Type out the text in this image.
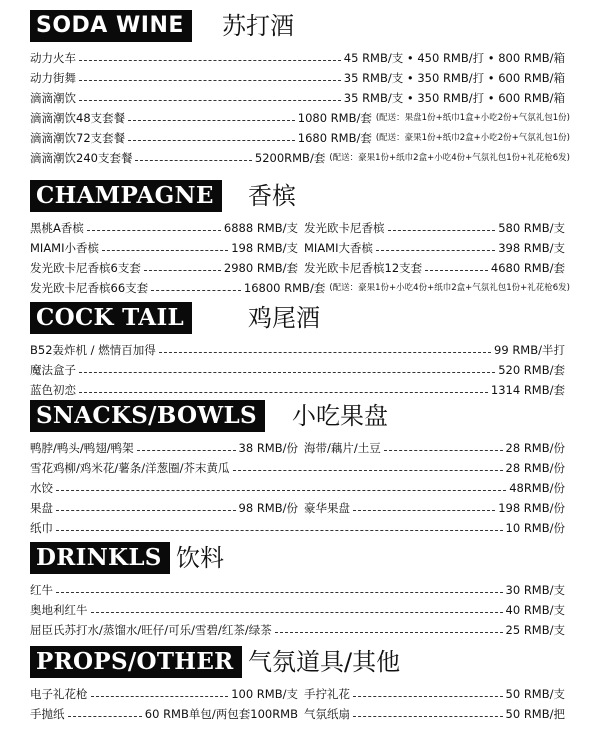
SODA WINE	苏打酒
动力火车	45 RMB/支 • 450 RMB/打 • 800 RMB/箱
动力街舞	35 RMB/支 • 350 RMB/打 • 600 RMB/箱
滴滴潮饮	35 RMB/支 • 350 RMB/打 • 600 RMB/箱
滴滴潮饮48支套餐	1080 RMB/套 (配送：果盘1份+纸巾1盒+小吃2份+气氛礼包1份)
滴滴潮饮72支套餐	1680 RMB/套 (配送：豪果1份+纸巾2盒+小吃2份+气氛礼包1份)
滴滴潮饮240支套餐	5200RMB/套 (配送：豪果1份+纸巾2盒+小吃4份+气氛礼包1份+礼花枪6发)
CHAMPAGNE	香槟
黑桃A香槟	6888 RMB/支 发光欧卡尼香槟	580 RMB/支
MIAMI小香槟	198 RMB/支 MIAMI大香槟	398 RMB/支
发光欧卡尼香槟6支套	2980 RMB/套 发光欧卡尼香槟12支套	4680 RMB/套
发光欧卡尼香槟66支套	16800 RMB/套 (配送：豪果1份+小吃4份+纸巾2盒+气氛礼包1份+礼花枪6发)
COCK TAIL	鸡尾酒
B52轰炸机 / 燃情百加得	99 RMB/半打
魔法盒子	520 RMB/套
蓝色初恋	1314 RMB/套
SNACKS/BOWLS	小吃果盘
鸭脖/鸭头/鸭翅/鸭架	38 RMB/份 海带/藕片/土豆	28 RMB/份
雪花鸡柳/鸡米花/薯条/洋葱圈/芥末黄瓜	28 RMB/份
水饺	48RMB/份
果盘	98 RMB/份 豪华果盘	198 RMB/份
纸巾	10 RMB/份
DRINKLS 饮料
红牛	30 RMB/支
奥地利红牛	40 RMB/支
屈臣氏苏打水/蒸馏水/旺仔/可乐/雪碧/红茶/绿茶	25 RMB/支
PROPS/OTHER 气氛道具/其他
电子礼花枪	100 RMB/支 手拧礼花	50 RMB/支
手抛纸	60 RMB单包/两包套100RMB 气氛纸扇	50 RMB/把
